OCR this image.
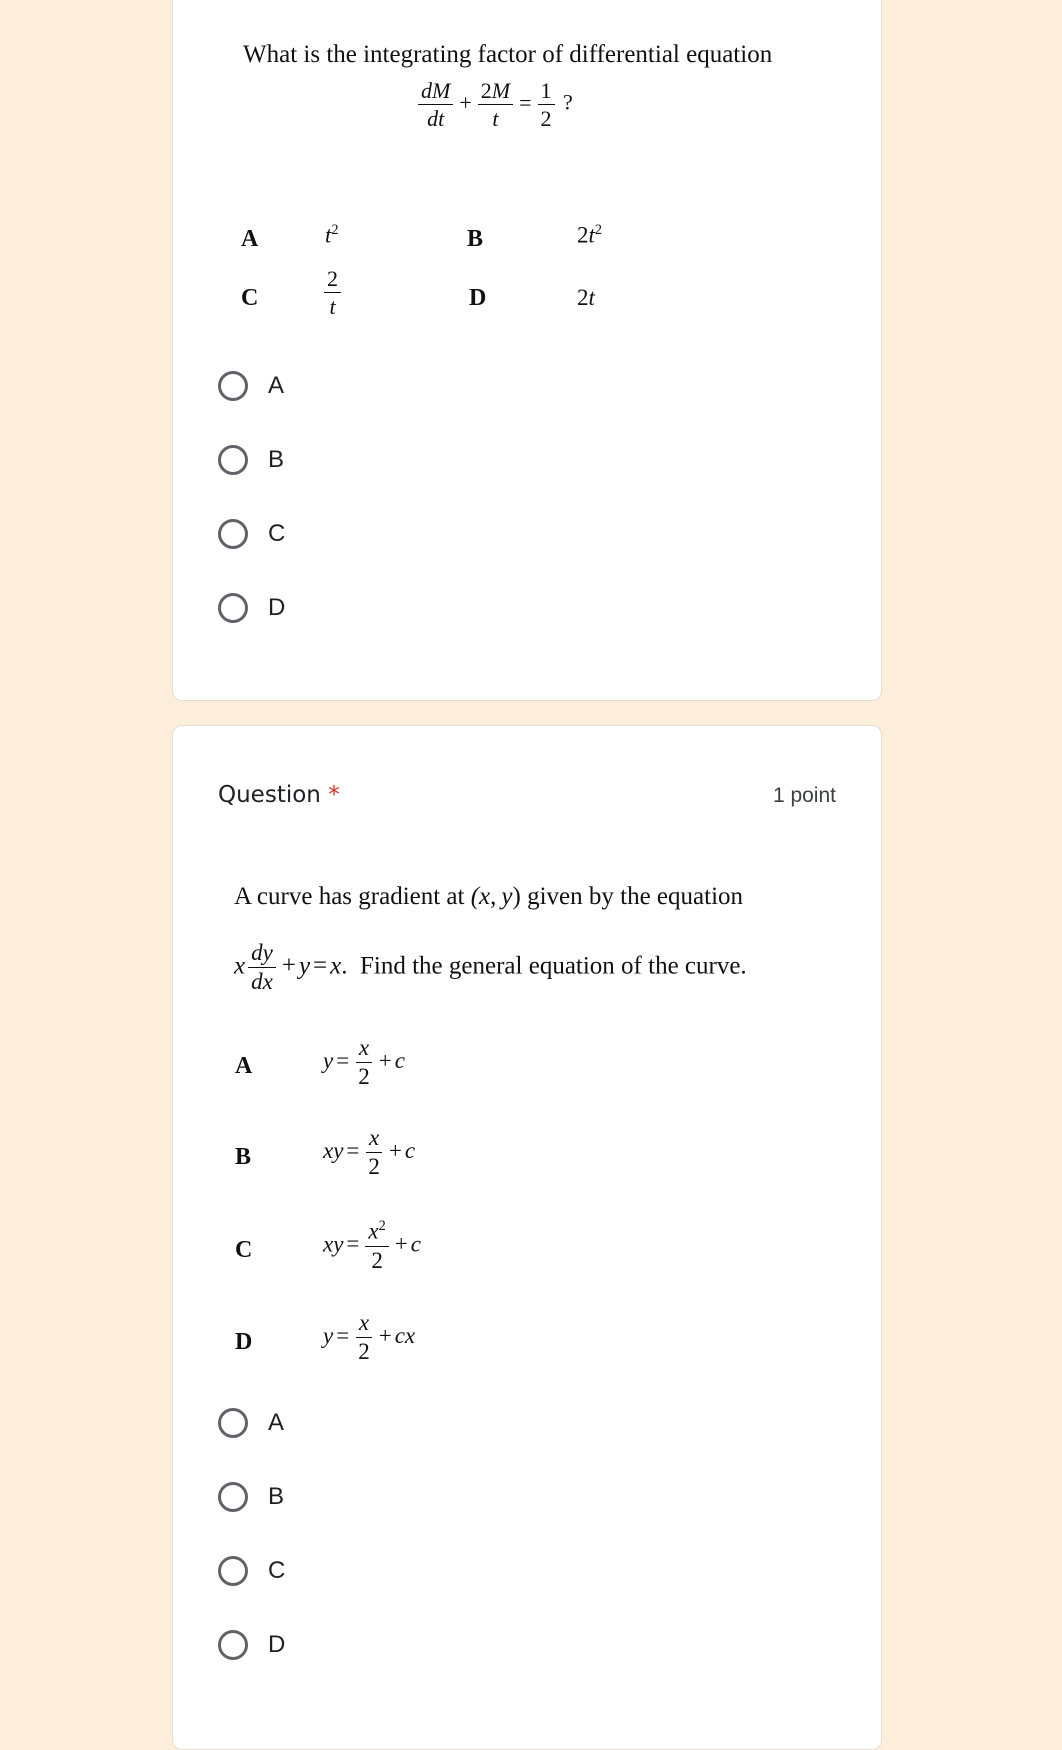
What is the integrating factor of differential equation
$\frac{dM}{dt} + \frac{2M}{t} = \frac{1}{2}$ ?
A	$t^2$	B	$2t^2$
C	$\frac{2}{t}$	D	2t
A
B
C
D
Question *	1 point
A curve has gradient at (x, y) given by the equation
x $\frac{dy}{dx} + y = x$.  Find the general equation of the curve.
A	$y = \frac{x}{2} + c$
B	xy = $\frac{x}{2} + c$
C	xy = $\frac{x^2}{2} + c$
D	$y = \frac{x}{2}$ + cx
A
B
C
D
